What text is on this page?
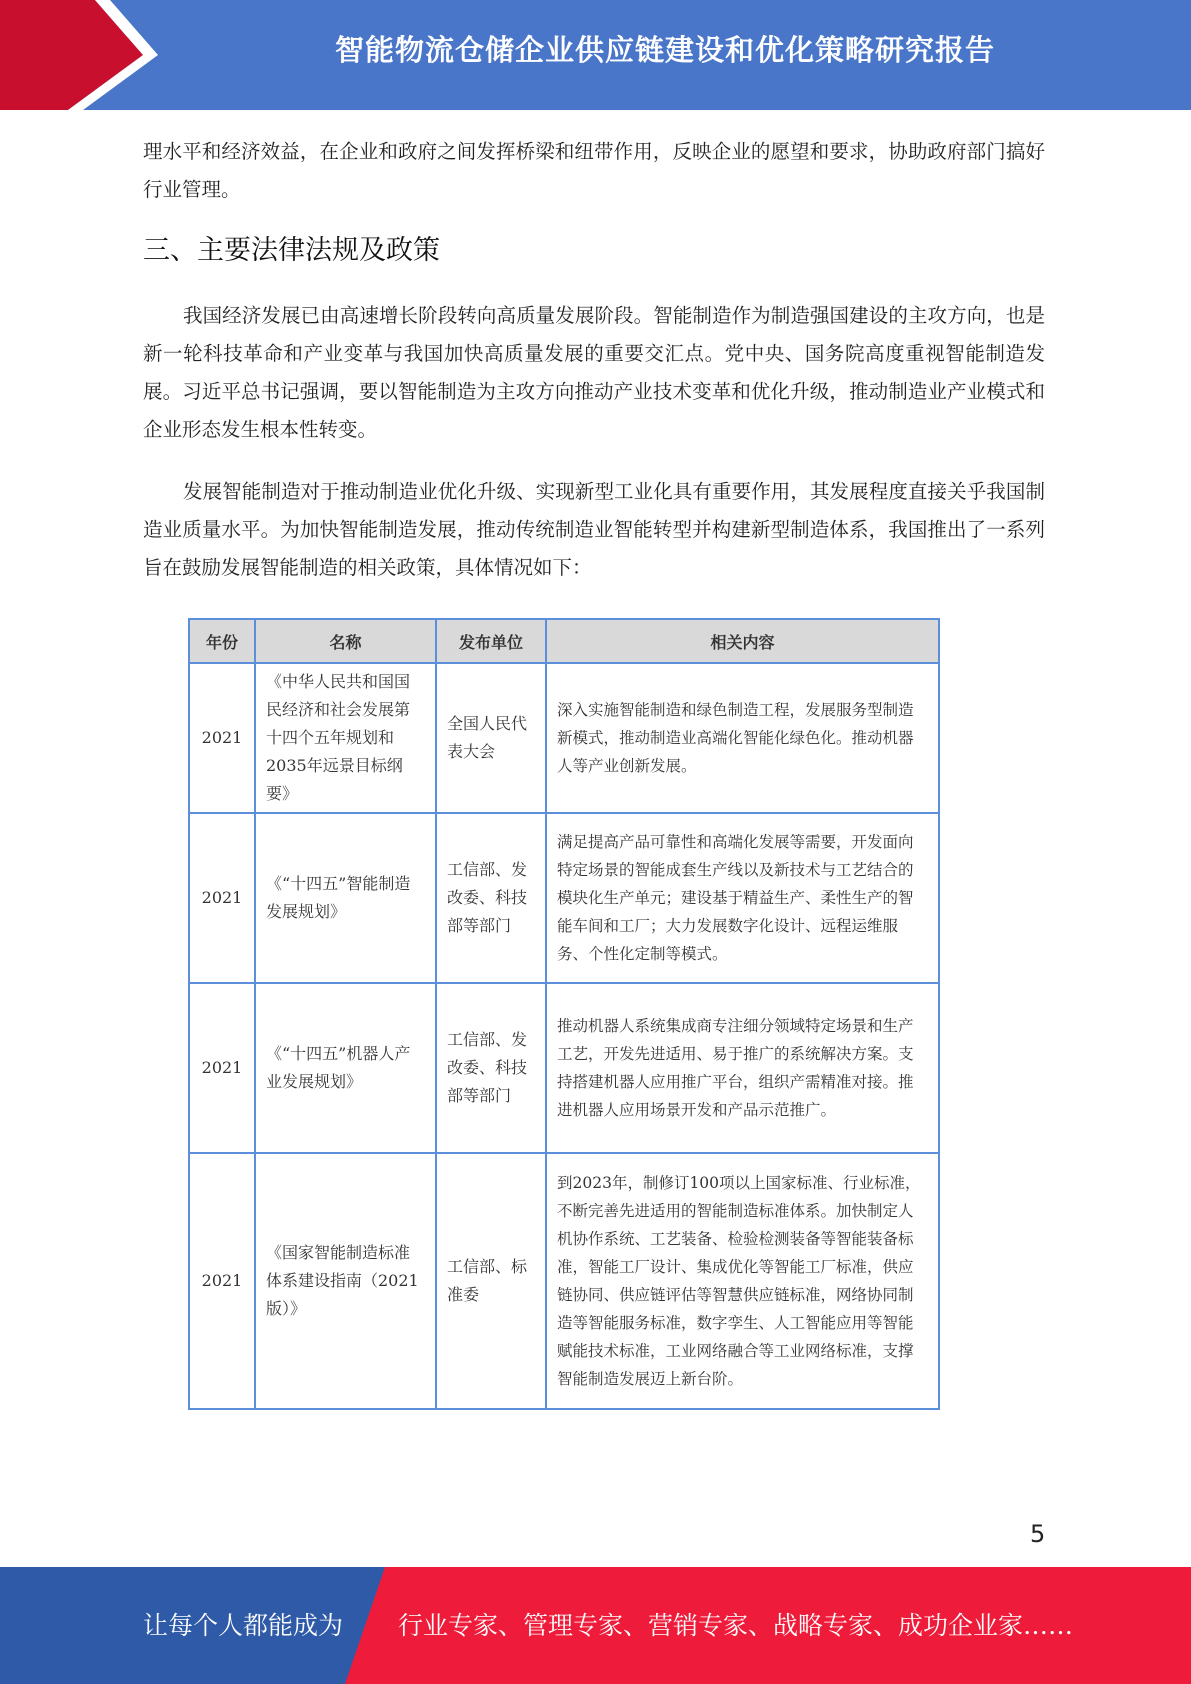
智能物流仓储企业供应链建设和优化策略研究报告

理水平和经济效益，在企业和政府之间发挥桥梁和纽带作用，反映企业的愿望和要求，协助政府部门搞好行业管理。

三、主要法律法规及政策

我国经济发展已由高速增长阶段转向高质量发展阶段。智能制造作为制造强国建设的主攻方向，也是新一轮科技革命和产业变革与我国加快高质量发展的重要交汇点。党中央、国务院高度重视智能制造发展。习近平总书记强调，要以智能制造为主攻方向推动产业技术变革和优化升级，推动制造业产业模式和企业形态发生根本性转变。

发展智能制造对于推动制造业优化升级、实现新型工业化具有重要作用，其发展程度直接关乎我国制造业质量水平。为加快智能制造发展，推动传统制造业智能转型并构建新型制造体系，我国推出了一系列旨在鼓励发展智能制造的相关政策，具体情况如下：

年份	名称	发布单位	相关内容
2021	《中华人民共和国国民经济和社会发展第十四个五年规划和2035年远景目标纲要》	全国人民代表大会	深入实施智能制造和绿色制造工程，发展服务型制造新模式，推动制造业高端化智能化绿色化。推动机器人等产业创新发展。
2021	《“十四五”智能制造发展规划》	工信部、发改委、科技部等部门	满足提高产品可靠性和高端化发展等需要，开发面向特定场景的智能成套生产线以及新技术与工艺结合的模块化生产单元；建设基于精益生产、柔性生产的智能车间和工厂；大力发展数字化设计、远程运维服务、个性化定制等模式。
2021	《“十四五”机器人产业发展规划》	工信部、发改委、科技部等部门	推动机器人系统集成商专注细分领域特定场景和生产工艺，开发先进适用、易于推广的系统解决方案。支持搭建机器人应用推广平台，组织产需精准对接。推进机器人应用场景开发和产品示范推广。
2021	《国家智能制造标准体系建设指南（2021版）》	工信部、标准委	到2023年，制修订100项以上国家标准、行业标准，不断完善先进适用的智能制造标准体系。加快制定人机协作系统、工艺装备、检验检测装备等智能装备标准，智能工厂设计、集成优化等智能工厂标准，供应链协同、供应链评估等智慧供应链标准，网络协同制造等智能服务标准，数字孪生、人工智能应用等智能赋能技术标准，工业网络融合等工业网络标准，支撑智能制造发展迈上新台阶。
5
让每个人都能成为 行业专家、管理专家、营销专家、战略专家、成功企业家……
